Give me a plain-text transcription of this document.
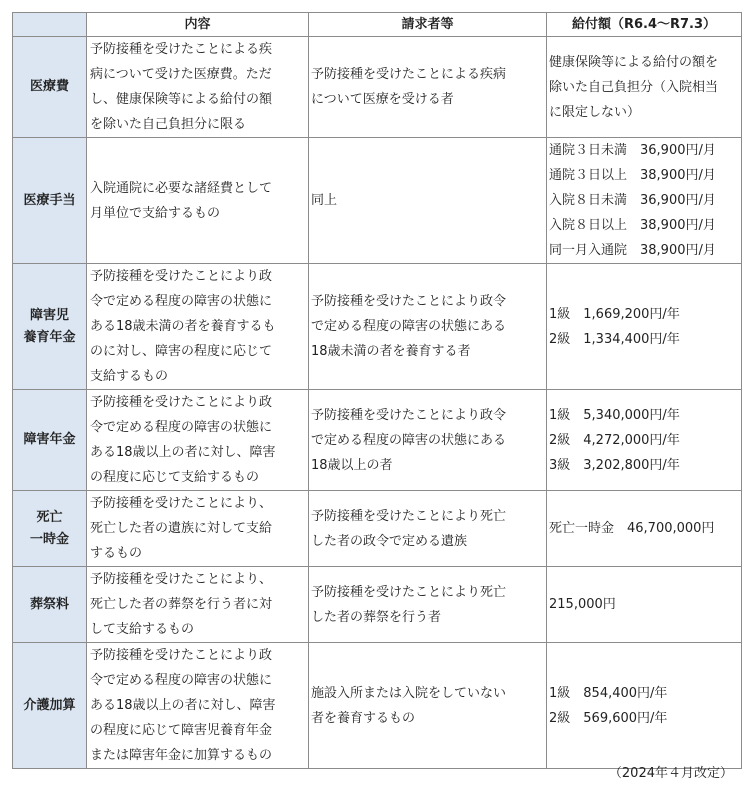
	内容	請求者等	給付額（R6.4～R7.3）

医療費	予防接種を受けたことによる疾
病について受けた医療費。ただ
し、健康保険等による給付の額
を除いた自己負担分に限る	予防接種を受けたことによる疾病
について医療を受ける者	健康保険等による給付の額を
除いた自己負担分（入院相当
に限定しない）

医療手当	入院通院に必要な諸経費として
月単位で支給するもの	同上	通院３日未満　36,900円/月
通院３日以上　38,900円/月
入院８日未満　36,900円/月
入院８日以上　38,900円/月
同一月入通院　38,900円/月

障害児
養育年金	予防接種を受けたことにより政
令で定める程度の障害の状態に
ある18歳未満の者を養育するも
のに対し、障害の程度に応じて
支給するもの	予防接種を受けたことにより政令
で定める程度の障害の状態にある
18歳未満の者を養育する者	1級　1,669,200円/年
2級　1,334,400円/年

障害年金	予防接種を受けたことにより政
令で定める程度の障害の状態に
ある18歳以上の者に対し、障害
の程度に応じて支給するもの	予防接種を受けたことにより政令
で定める程度の障害の状態にある
18歳以上の者	1級　5,340,000円/年
2級　4,272,000円/年
3級　3,202,800円/年

死亡
一時金	予防接種を受けたことにより、
死亡した者の遺族に対して支給
するもの	予防接種を受けたことにより死亡
した者の政令で定める遺族	死亡一時金　46,700,000円

葬祭料	予防接種を受けたことにより、
死亡した者の葬祭を行う者に対
して支給するもの	予防接種を受けたことにより死亡
した者の葬祭を行う者	215,000円

介護加算	予防接種を受けたことにより政
令で定める程度の障害の状態に
ある18歳以上の者に対し、障害
の程度に応じて障害児養育年金
または障害年金に加算するもの	施設入所または入院をしていない
者を養育するもの	1級　854,400円/年
2級　569,600円/年
（2024年４月改定）
